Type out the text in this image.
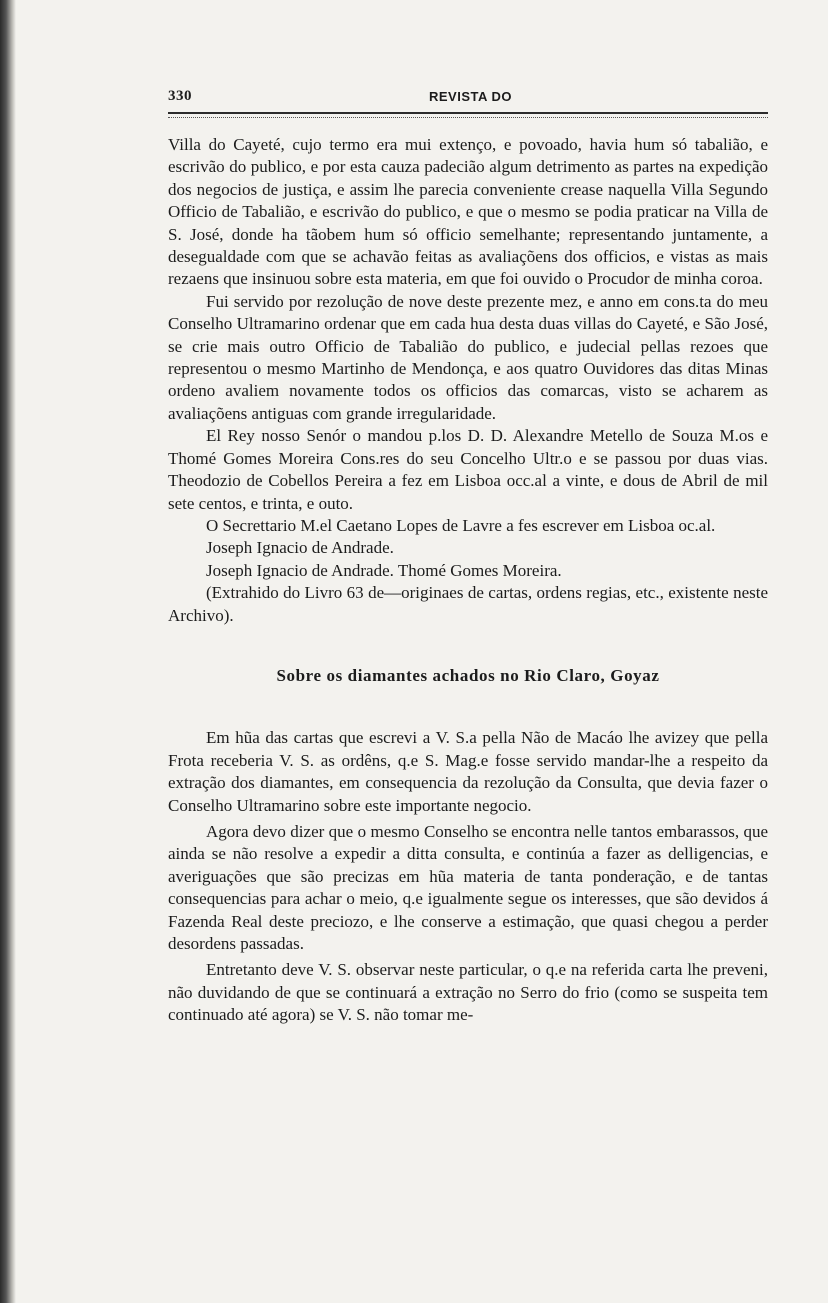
330	REVISTA DO

Villa do Cayeté, cujo termo era mui extenço, e povoado, havia hum só tabalião, e escrivão do publico, e por esta cauza padecião algum detrimento as partes na expedição dos negocios de justiça, e assim lhe parecia conveniente crease naquella Villa Segundo Officio de Tabalião, e escrivão do publico, e que o mesmo se podia praticar na Villa de S. José, donde ha tãobem hum só officio semelhante; representando juntamente, a desegualdade com que se achavão feitas as avaliaçõens dos officios, e vistas as mais rezaens que insinuou sobre esta materia, em que foi ouvido o Procudor de minha coroa.

Fui servido por rezolução de nove deste prezente mez, e anno em cons.ta do meu Conselho Ultramarino ordenar que em cada hua desta duas villas do Cayeté, e São José, se crie mais outro Officio de Tabalião do publico, e judecial pellas rezoes que representou o mesmo Martinho de Mendonça, e aos quatro Ouvidores das ditas Minas ordeno avaliem novamente todos os officios das comarcas, visto se acharem as avaliaçõens antiguas com grande irregularidade.

El Rey nosso Senór o mandou p.los D. D. Alexandre Metello de Souza M.os e Thomé Gomes Moreira Cons.res do seu Concelho Ultr.o e se passou por duas vias. Theodozio de Cobellos Pereira a fez em Lisboa occ.al a vinte, e dous de Abril de mil sete centos, e trinta, e outo.

O Secrettario M.el Caetano Lopes de Lavre a fes escrever em Lisboa oc.al.

Joseph Ignacio de Andrade.

Joseph Ignacio de Andrade. Thomé Gomes Moreira.

(Extrahido do Livro 63 de—originaes de cartas, ordens regias, etc., existente neste Archivo).

Sobre os diamantes achados no Rio Claro, Goyaz

Em hũa das cartas que escrevi a V. S.a pella Não de Macáo lhe avizey que pella Frota receberia V. S. as ordêns, q.e S. Mag.e fosse servido mandar-lhe a respeito da extração dos diamantes, em consequencia da rezolução da Consulta, que devia fazer o Conselho Ultramarino sobre este importante negocio.

Agora devo dizer que o mesmo Conselho se encontra nelle tantos embarassos, que ainda se não resolve a expedir a ditta consulta, e continúa a fazer as delligencias, e averiguações que são precizas em hũa materia de tanta ponderação, e de tantas consequencias para achar o meio, q.e igualmente segue os interesses, que são devidos á Fazenda Real deste preciozo, e lhe conserve a estimação, que quasi chegou a perder desordens passadas.

Entretanto deve V. S. observar neste particular, o q.e na referida carta lhe preveni, não duvidando de que se continuará a extração no Serro do frio (como se suspeita tem continuado até agora) se V. S. não tomar me-
